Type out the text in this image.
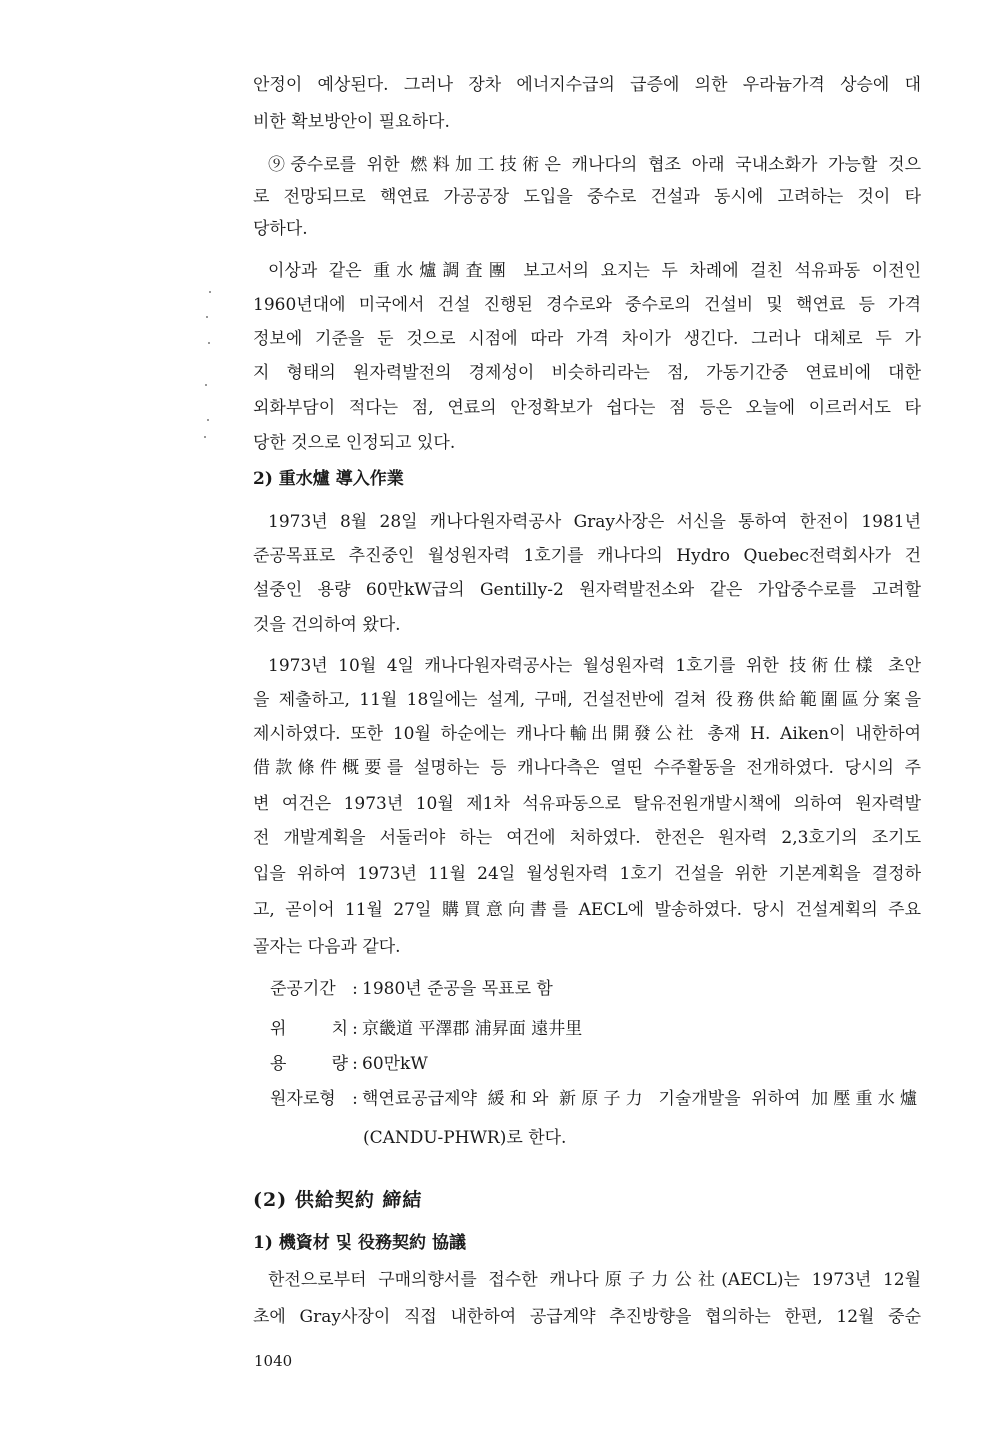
안정이 예상된다. 그러나 장차 에너지수급의 급증에 의한 우라늄가격 상승에 대
비한 확보방안이 필요하다.
⑨중수로를 위한 燃料加工技術은 캐나다의 협조 아래 국내소화가 가능할 것으
로 전망되므로 핵연료 가공공장 도입을 중수로 건설과 동시에 고려하는 것이 타
당하다.
이상과 같은 重水爐調査團 보고서의 요지는 두 차례에 걸친 석유파동 이전인
1960년대에 미국에서 건설 진행된 경수로와 중수로의 건설비 및 핵연료 등 가격
정보에 기준을 둔 것으로 시점에 따라 가격 차이가 생긴다. 그러나 대체로 두 가
지 형태의 원자력발전의 경제성이 비슷하리라는 점, 가동기간중 연료비에 대한
외화부담이 적다는 점, 연료의 안정확보가 쉽다는 점 등은 오늘에 이르러서도 타
당한 것으로 인정되고 있다.
2) 重水爐 導入作業
1973년 8월 28일 캐나다원자력공사 Gray사장은 서신을 통하여 한전이 1981년
준공목표로 추진중인 월성원자력 1호기를 캐나다의 Hydro Quebec전력회사가 건
설중인 용량 60만kW급의 Gentilly-2 원자력발전소와 같은 가압중수로를 고려할
것을 건의하여 왔다.
1973년 10월 4일 캐나다원자력공사는 월성원자력 1호기를 위한 技術仕樣 초안
을 제출하고, 11월 18일에는 설계, 구매, 건설전반에 걸쳐 役務供給範圍區分案을
제시하였다. 또한 10월 하순에는 캐나다輸出開發公社 총재 H. Aiken이 내한하여
借款條件概要를 설명하는 등 캐나다측은 열띤 수주활동을 전개하였다. 당시의 주
변 여건은 1973년 10월 제1차 석유파동으로 탈유전원개발시책에 의하여 원자력발
전 개발계획을 서둘러야 하는 여건에 처하였다. 한전은 원자력 2,3호기의 조기도
입을 위하여 1973년 11월 24일 월성원자력 1호기 건설을 위한 기본계획을 결정하
고, 곧이어 11월 27일 購買意向書를 AECL에 발송하였다. 당시 건설계획의 주요
골자는 다음과 같다.
준공기간 : 1980년 준공을 목표로 함
위 치 : 京畿道 平澤郡 浦昇面 遠井里
용 량 : 60만kW
원자로형 : 핵연료공급제약 緩和와 新原子力 기술개발을 위하여 加壓重水爐
(CANDU-PHWR)로 한다.
(2) 供給契約 締結
1) 機資材 및 役務契約 協議
한전으로부터 구매의향서를 접수한 캐나다原子力公社(AECL)는 1973년 12월
초에 Gray사장이 직접 내한하여 공급계약 추진방향을 협의하는 한편, 12월 중순
1040
